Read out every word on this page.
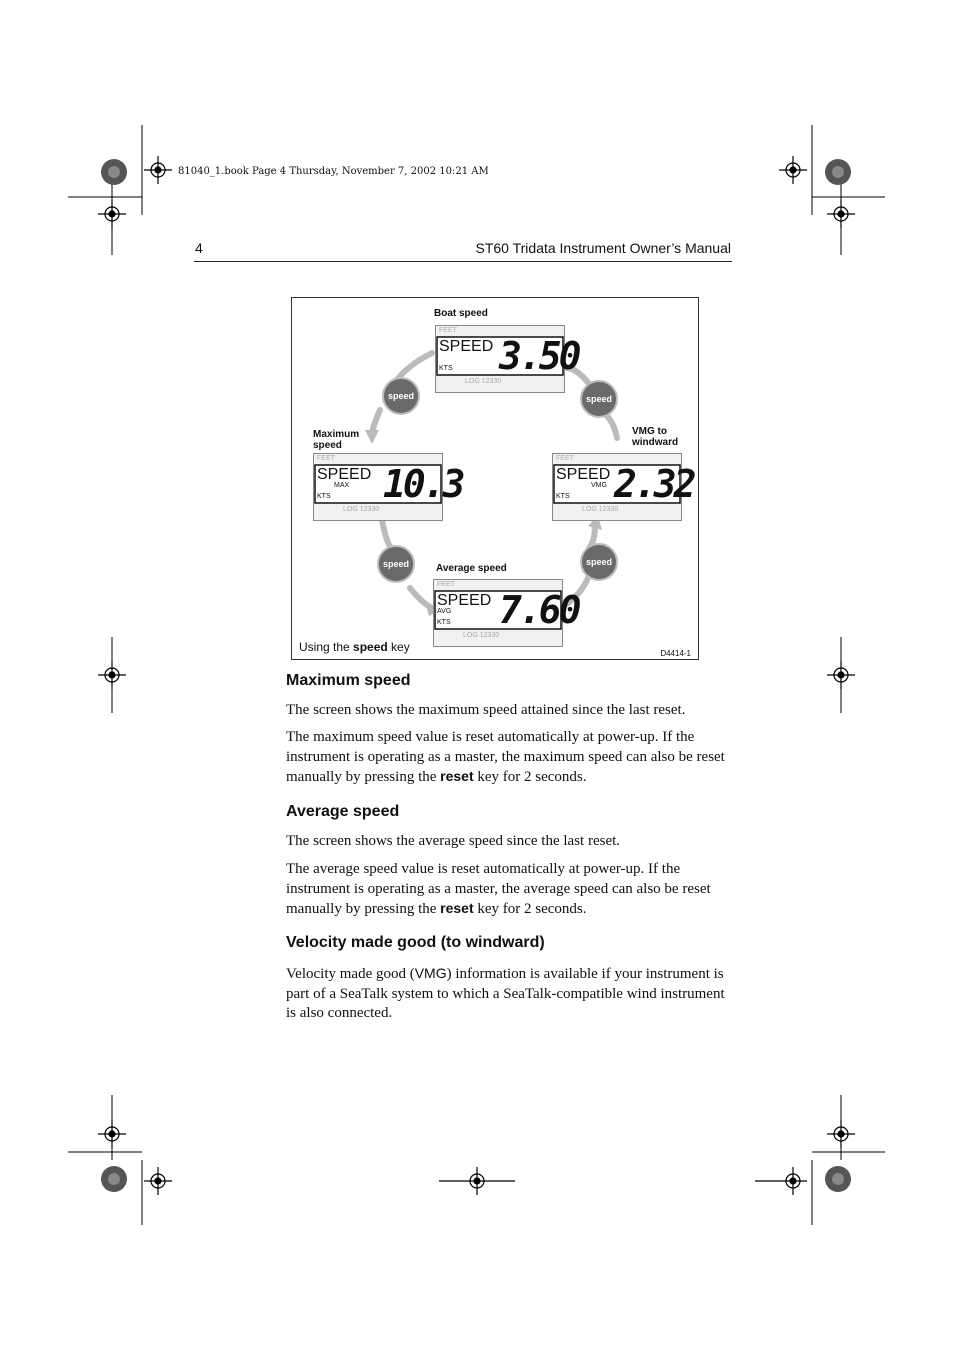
81040_1.book Page 4 Thursday, November 7, 2002 10:21 AM
4	ST60 Tridata Instrument Owner’s Manual
Boat speed
Maximum
speed
VMG to
windward
Average speed
FEET
SPEED
KTS 3.50
LOG 12330
FEET
SPEED
MAX
KTS 10.3
LOG 12330
FEET
SPEED
VMG
KTS 2.32
LOG 12330
FEET
SPEED
AVG
KTS 7.60
LOG 12330
speed	speed
speed	speed
Using the speed key	D4414-1
Maximum speed
The screen shows the maximum speed attained since the last reset.
The maximum speed value is reset automatically at power-up. If the instrument is operating as a master, the maximum speed can also be reset manually by pressing the reset key for 2 seconds.
Average speed
The screen shows the average speed since the last reset.
The average speed value is reset automatically at power-up. If the instrument is operating as a master, the average speed can also be reset manually by pressing the reset key for 2 seconds.
Velocity made good (to windward)
Velocity made good (VMG) information is available if your instrument is part of a SeaTalk system to which a SeaTalk-compatible wind instrument is also connected.
